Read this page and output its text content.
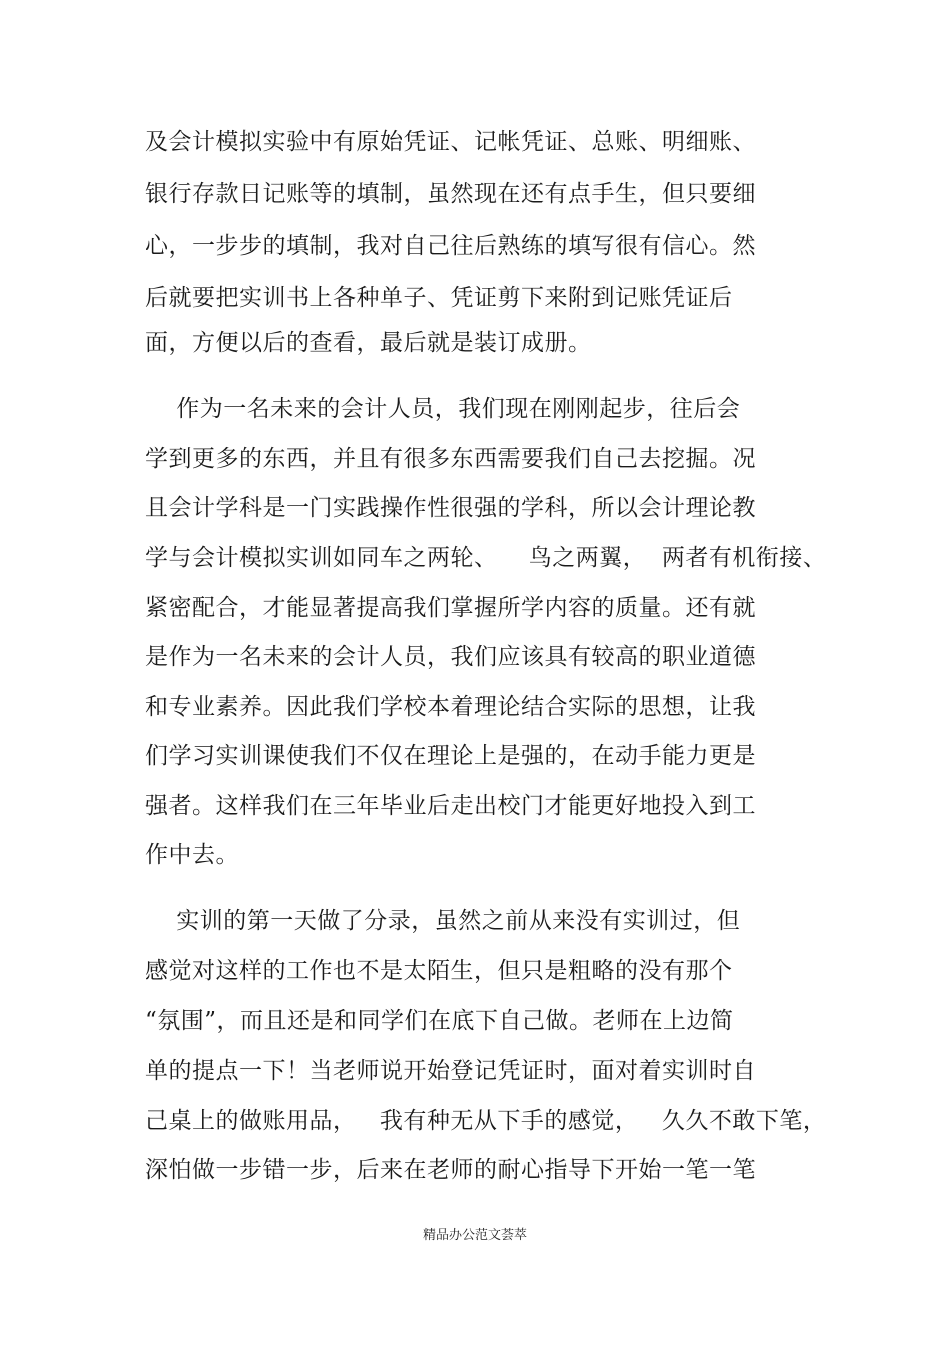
及会计模拟实验中有原始凭证、记帐凭证、总账、明细账、
银行存款日记账等的填制，虽然现在还有点手生，但只要细
心，一步步的填制，我对自己往后熟练的填写很有信心。然
后就要把实训书上各种单子、凭证剪下来附到记账凭证后
面，方便以后的查看，最后就是装订成册。
作为一名未来的会计人员，我们现在刚刚起步，往后会
学到更多的东西，并且有很多东西需要我们自己去挖掘。况
且会计学科是一门实践操作性很强的学科，所以会计理论教
学与会计模拟实训如同车之两轮、    鸟之两翼，  两者有机衔接、
紧密配合，才能显著提高我们掌握所学内容的质量。还有就
是作为一名未来的会计人员，我们应该具有较高的职业道德
和专业素养。因此我们学校本着理论结合实际的思想，让我
们学习实训课使我们不仅在理论上是强的，在动手能力更是
强者。这样我们在三年毕业后走出校门才能更好地投入到工
作中去。
实训的第一天做了分录，虽然之前从来没有实训过，但
感觉对这样的工作也不是太陌生，但只是粗略的没有那个
“氛围”，而且还是和同学们在底下自己做。老师在上边简
单的提点一下！当老师说开始登记凭证时，面对着实训时自
己桌上的做账用品，   我有种无从下手的感觉，   久久不敢下笔，
深怕做一步错一步，后来在老师的耐心指导下开始一笔一笔
精品办公范文荟萃
